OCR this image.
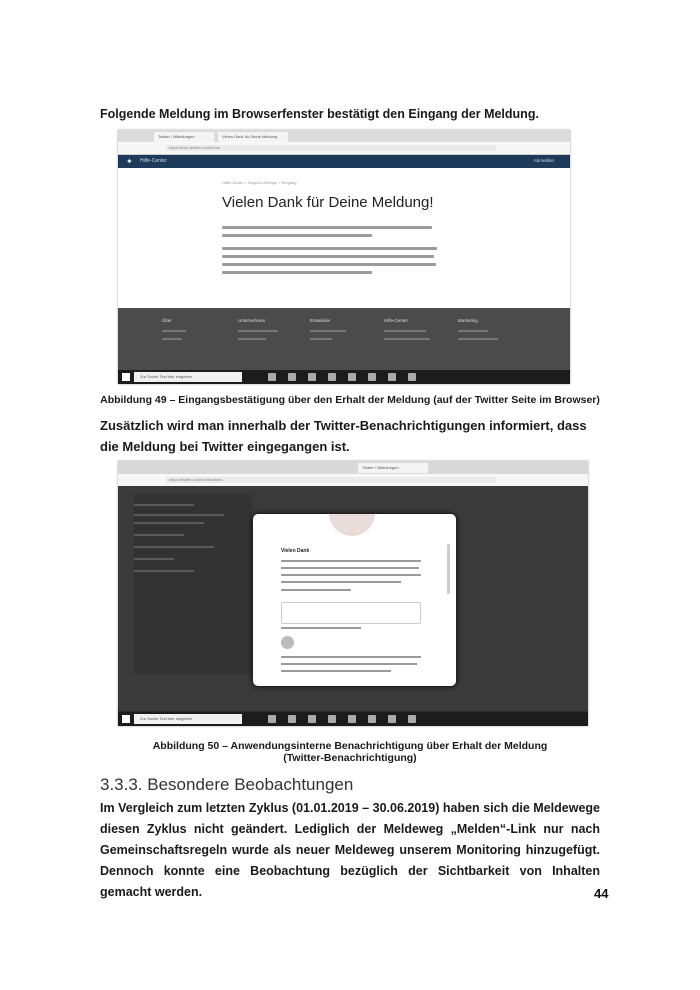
Folgende Meldung im Browserfenster bestätigt den Eingang der Meldung.

Twitter / Mitteilungen	Vielen Dank für Deine Meldung
https://help.twitter.com/forms
✦ Hilfe-Center	Abmelden
Hilfe-Center > Support-Anfrage > Eingang
Vielen Dank für Deine Meldung!
Über	Unternehmen	Entwickler	Hilfe-Center	Marketing
Zur Suche Text hier eingeben
Abbildung 49 – Eingangsbestätigung über den Erhalt der Meldung (auf der Twitter Seite im Browser)

Zusätzlich wird man innerhalb der Twitter-Benachrichtigungen informiert, dass die Meldung bei Twitter eingegangen ist.

Twitter / Mitteilungen
https://twitter.com/notifications
Vielen Dank
Zur Suche Text hier eingeben
Abbildung 50 – Anwendungsinterne Benachrichtigung über Erhalt der Meldung
(Twitter-Benachrichtigung)
3.3.3. Besondere Beobachtungen

Im Vergleich zum letzten Zyklus (01.01.2019 – 30.06.2019) haben sich die Meldewege diesen Zyklus nicht geändert. Lediglich der Meldeweg „Melden“-Link nur nach Gemeinschaftsregeln wurde als neuer Meldeweg unserem Monitoring hinzugefügt. Dennoch konnte eine Beobachtung bezüglich der Sichtbarkeit von Inhalten gemacht werden.	44
